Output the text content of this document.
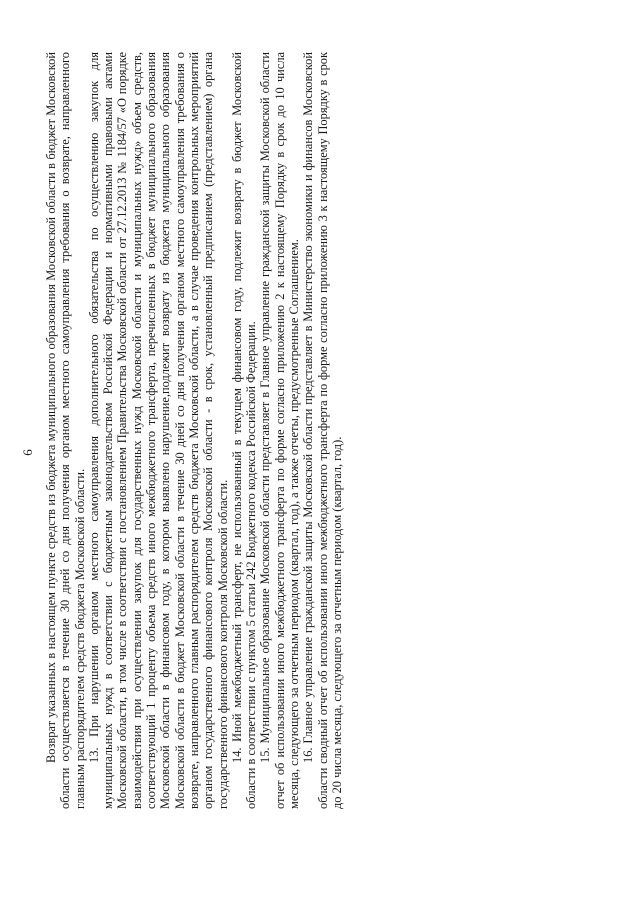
6 Возврат указанных в настоящем пункте средств из бюджета муниципального образования Московской области в бюджет Московской области осуществляется в течение 30 дней со дня получения органом местного самоуправления требования о возврате, направленного главным распорядителем средств бюджета Московской области. 13. При нарушении органом местного самоуправления дополнительного обязательства по осуществлению закупок для муниципальных нужд в соответствии с бюджетным законодательством Российской Федерации и нормативными правовыми актами Московской области, в том числе в соответствии с постановлением Правительства Московской области от 27.12.2013 № 1184/57 «О порядке взаимодействия при осуществлении закупок для государственных нужд Московской области и муниципальных нужд» объем средств, соответствующий 1 проценту объема средств иного межбюджетного трансферта, перечисленных в бюджет муниципального образования Московской области в финансовом году, в котором выявлено нарушение,подлежит возврату из бюджета муниципального образования Московской области в бюджет Московской области в течение 30 дней со дня получения органом местного самоуправления требования о возврате, направленного главным распорядителем средств бюджета Московской области, а в случае проведения контрольных мероприятий органом государственного финансового контроля Московской области - в срок, установленный предписанием (представлением) органа государственного финансового контроля Московской области. 14. Иной межбюджетный трансферт, не использованный в текущем финансовом году, подлежит возврату в бюджет Московской области в соответствии с пунктом 5 статьи 242 Бюджетного кодекса Российской Федерации. 15. Муниципальное образование Московской области представляет в Главное управление гражданской защиты Московской области отчет об использовании иного межбюджетного трансферта по форме согласно приложению 2 к настоящему Порядку в срок до 10 числа месяца, следующего за отчетным периодом (квартал, год), а также отчеты, предусмотренные Соглашением. 16. Главное управление гражданской защиты Московской области представляет в Министерство экономики и финансов Московской области сводный отчет об использовании иного межбюджетного трансферта по форме согласно приложению 3 к настоящему Порядку в срок до 20 числа месяца, следующего за отчетным периодом (квартал, год).
